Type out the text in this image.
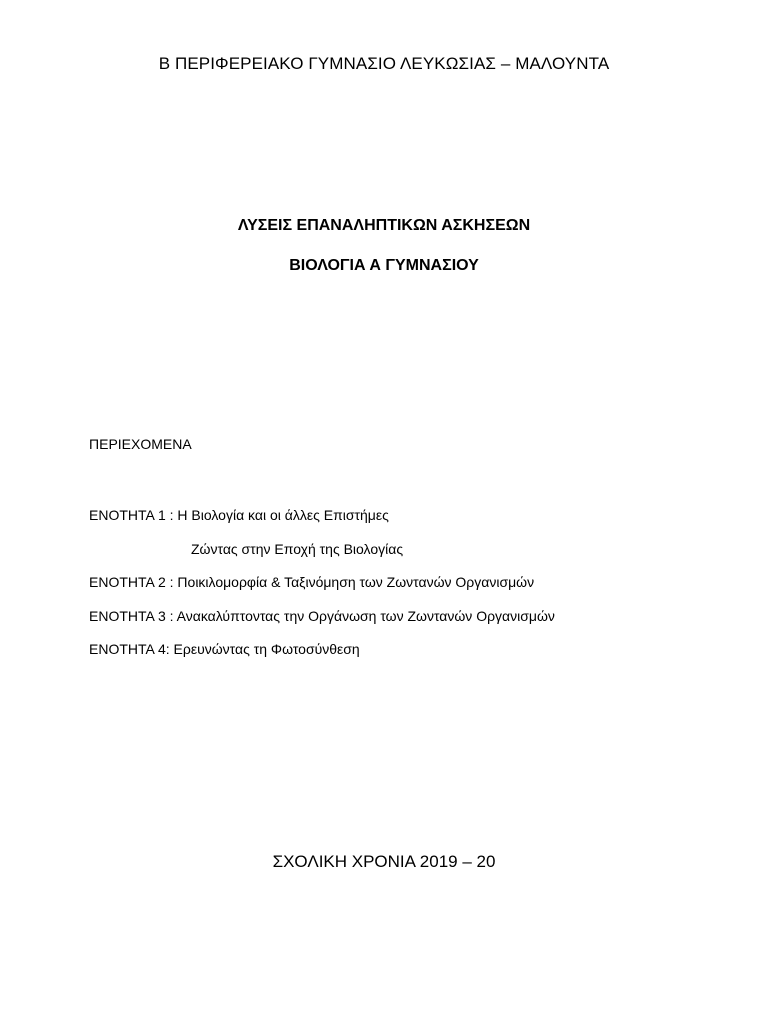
Β ΠΕΡΙΦΕΡΕΙΑΚΟ ΓΥΜΝΑΣΙΟ ΛΕΥΚΩΣΙΑΣ – ΜΑΛΟΥΝΤΑ
ΛΥΣΕΙΣ ΕΠΑΝΑΛΗΠΤΙΚΩΝ ΑΣΚΗΣΕΩΝ
ΒΙΟΛΟΓΙΑ Α ΓΥΜΝΑΣΙΟΥ
ΠΕΡΙΕΧΟΜΕΝΑ
ΕΝΟΤΗΤΑ 1 : Η Βιολογία και οι άλλες Επιστήμες
Ζώντας στην Εποχή της Βιολογίας
ΕΝΟΤΗΤΑ 2 : Ποικιλομορφία & Ταξινόμηση των Ζωντανών Οργανισμών
ΕΝΟΤΗΤΑ 3 : Ανακαλύπτοντας την Οργάνωση των Ζωντανών Οργανισμών
ΕΝΟΤΗΤΑ 4: Ερευνώντας τη Φωτοσύνθεση
ΣΧΟΛΙΚΗ ΧΡΟΝΙΑ 2019 – 20
